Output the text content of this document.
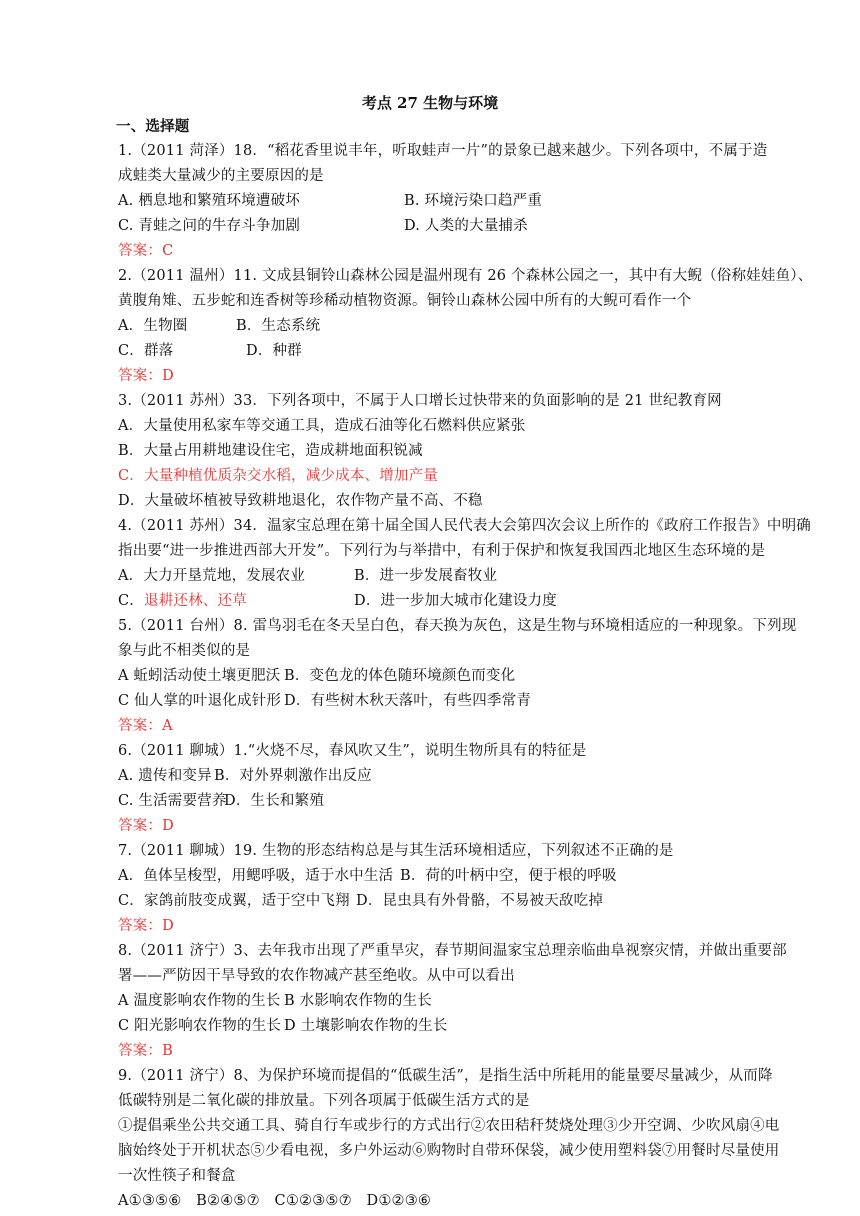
考点 27 生物与环境
一、选择题
1.（2011 菏泽）18．“稻花香里说丰年，听取蛙声一片”的景象已越来越少。下列各项中，不属于造
成蛙类大量减少的主要原因的是
A. 栖息地和繁殖环境遭破坏	B. 环境污染口趋严重
C. 青蛙之问的牛存斗争加剧	D. 人类的大量捕杀
答案：C
2.（2011 温州）11. 文成县铜铃山森林公园是温州现有 26 个森林公园之一，其中有大鲵（俗称娃娃鱼）、
黄腹角雉、五步蛇和连香树等珍稀动植物资源。铜铃山森林公园中所有的大鲵可看作一个
A．生物圈	B．生态系统
C．群落	D．种群
答案：D
3.（2011 苏州）33．下列各项中，不属于人口增长过快带来的负面影响的是 21 世纪教育网
A．大量使用私家车等交通工具，造成石油等化石燃料供应紧张
B．大量占用耕地建设住宅，造成耕地面积锐减
C．大量种植优质杂交水稻，减少成本、增加产量
D．大量破坏植被导致耕地退化，农作物产量不高、不稳
4.（2011 苏州）34．温家宝总理在第十届全国人民代表大会第四次会议上所作的《政府工作报告》中明确
指出要“进一步推进西部大开发”。下列行为与举措中，有利于保护和恢复我国西北地区生态环境的是
A．大力开垦荒地，发展农业	B．进一步发展畜牧业
C．退耕还林、还草	D．进一步加大城市化建设力度
5.（2011 台州）8. 雷鸟羽毛在冬天呈白色，春天换为灰色，这是生物与环境相适应的一种现象。下列现
象与此不相类似的是
A 蚯蚓活动使土壤更肥沃 B．变色龙的体色随环境颜色而变化
C 仙人掌的叶退化成针形 D．有些树木秋天落叶，有些四季常青
答案：A
6.（2011 聊城）1.“火烧不尽，春风吹又生”，说明生物所具有的特征是
A. 遗传和变异 B．对外界刺激作出反应
C. 生活需要营养D．生长和繁殖
答案：D
7.（2011 聊城）19. 生物的形态结构总是与其生活环境相适应，下列叙述不正确的是
A．鱼体呈梭型，用鳃呼吸，适于水中生活 B．荷的叶柄中空，便于根的呼吸
C．家鸽前肢变成翼，适于空中飞翔 D．昆虫具有外骨骼，不易被天敌吃掉
答案：D
8.（2011 济宁）3、去年我市出现了严重旱灾，春节期间温家宝总理亲临曲阜视察灾情，并做出重要部
署——严防因干旱导致的农作物减产甚至绝收。从中可以看出
A 温度影响农作物的生长 B 水影响农作物的生长
C 阳光影响农作物的生长 D 土壤影响农作物的生长
答案：B
9.（2011 济宁）8、为保护环境而提倡的“低碳生活”，是指生活中所耗用的能量要尽量减少，从而降
低碳特别是二氧化碳的排放量。下列各项属于低碳生活方式的是
①提倡乘坐公共交通工具、骑自行车或步行的方式出行②农田秸秆焚烧处理③少开空调、少吹风扇④电
脑始终处于开机状态⑤少看电视，多户外运动⑥购物时自带环保袋，减少使用塑料袋⑦用餐时尽量使用
一次性筷子和餐盒
A①③⑤⑥　B②④⑤⑦　C①②③⑤⑦　D①②③⑥
